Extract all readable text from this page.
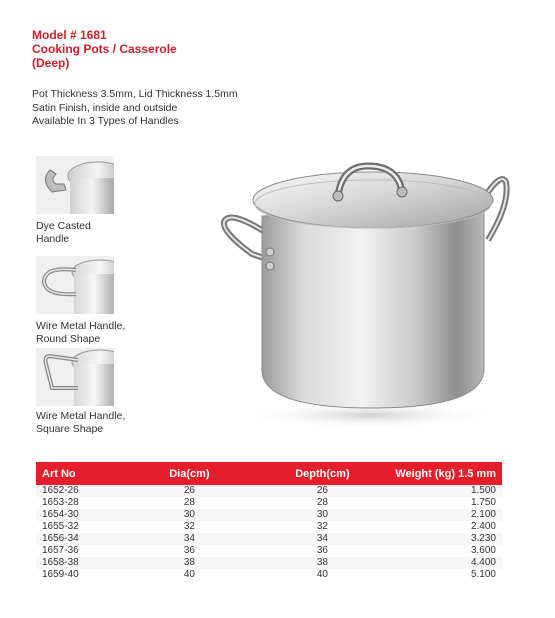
Model # 1681
Cooking Pots / Casserole
(Deep)
Pot Thickness 3.5mm, Lid Thickness 1.5mm
Satin Finish, inside and outside
Available In 3 Types of Handles
Dye Casted
Handle
Wire Metal Handle,
Round Shape
Wire Metal Handle,
Square Shape
Art No	Dia(cm)	Depth(cm)	Weight (kg) 1.5 mm
1652-26	26	26	1.500
1653-28	28	28	1.750
1654-30	30	30	2.100
1655-32	32	32	2.400
1656-34	34	34	3.230
1657-36	36	36	3.600
1658-38	38	38	4.400
1659-40	40	40	5.100
